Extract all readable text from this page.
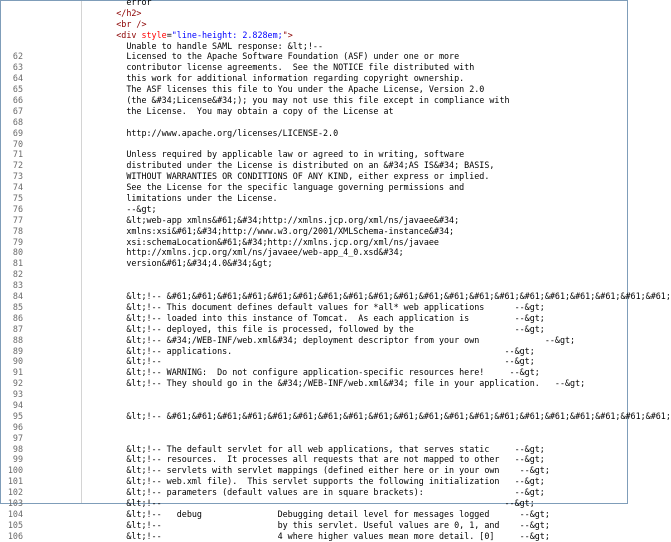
error
</h2>
<br />
<div style="line-height: 2.828em;">
Unable to handle SAML response: &lt;!--
62	Licensed to the Apache Software Foundation (ASF) under one or more
63	contributor license agreements.  See the NOTICE file distributed with
64	this work for additional information regarding copyright ownership.
65	The ASF licenses this file to You under the Apache License, Version 2.0
66	(the &#34;License&#34;); you may not use this file except in compliance with
67	the License.  You may obtain a copy of the License at
68
69	http://www.apache.org/licenses/LICENSE-2.0
70
71	Unless required by applicable law or agreed to in writing, software
72	distributed under the License is distributed on an &#34;AS IS&#34; BASIS,
73	WITHOUT WARRANTIES OR CONDITIONS OF ANY KIND, either express or implied.
74	See the License for the specific language governing permissions and
75	limitations under the License.
76	--&gt;
77	&lt;web-app xmlns&#61;&#34;http://xmlns.jcp.org/xml/ns/javaee&#34;
78	xmlns:xsi&#61;&#34;http://www.w3.org/2001/XMLSchema-instance&#34;
79	xsi:schemaLocation&#61;&#34;http://xmlns.jcp.org/xml/ns/javaee
80	http://xmlns.jcp.org/xml/ns/javaee/web-app_4_0.xsd&#34;
81	version&#61;&#34;4.0&#34;&gt;
82
83
84	&lt;!-- &#61;&#61;&#61;&#61;&#61;&#61;&#61;&#61;&#61;&#61;&#61;&#61;&#61;&#61;&#61;&#61;&#61;&#61;&#61;&#61;
85	&lt;!-- This document defines default values for *all* web applications      --&gt;
86	&lt;!-- loaded into this instance of Tomcat.  As each application is         --&gt;
87	&lt;!-- deployed, this file is processed, followed by the                    --&gt;
88	&lt;!-- &#34;/WEB-INF/web.xml&#34; deployment descriptor from your own             --&gt;
89	&lt;!-- applications.                                                      --&gt;
90	&lt;!--                                                                    --&gt;
91	&lt;!-- WARNING:  Do not configure application-specific resources here!     --&gt;
92	&lt;!-- They should go in the &#34;/WEB-INF/web.xml&#34; file in your application.   --&gt;
93
94
95	&lt;!-- &#61;&#61;&#61;&#61;&#61;&#61;&#61;&#61;&#61;&#61;&#61;&#61;&#61;&#61;&#61;&#61;&#61;&#61;&#61;&#61;
96
97
98	&lt;!-- The default servlet for all web applications, that serves static     --&gt;
99	&lt;!-- resources.  It processes all requests that are not mapped to other   --&gt;
100	&lt;!-- servlets with servlet mappings (defined either here or in your own    --&gt;
101	&lt;!-- web.xml file).  This servlet supports the following initialization   --&gt;
102	&lt;!-- parameters (default values are in square brackets):                  --&gt;
103	&lt;!--                                                                    --&gt;
104	&lt;!--   debug               Debugging detail level for messages logged      --&gt;
105	&lt;!--                       by this servlet. Useful values are 0, 1, and    --&gt;
106	&lt;!--                       4 where higher values mean more detail. [0]     --&gt;
